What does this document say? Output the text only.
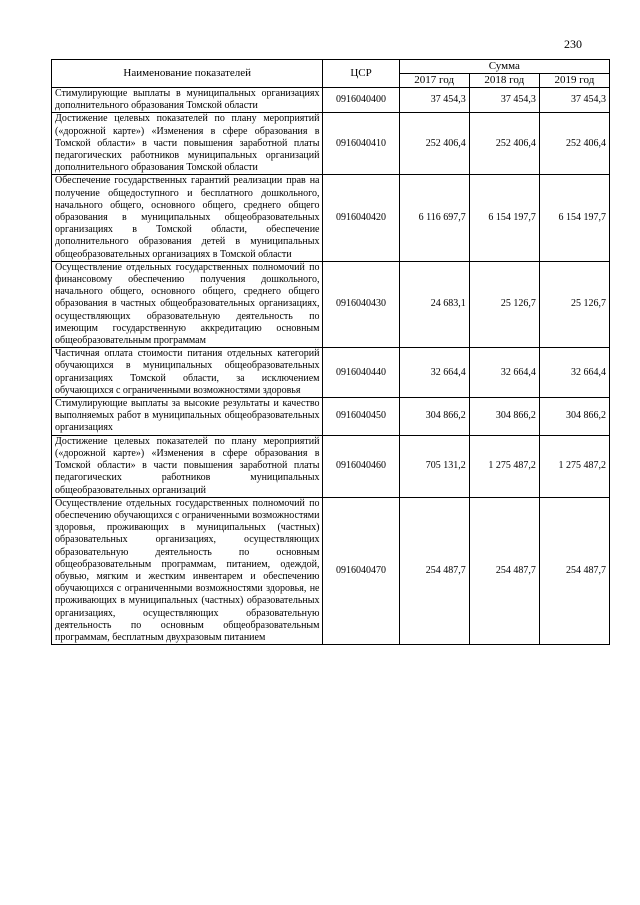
230
Наименование показателей	ЦСР	Сумма		
		2017 год	2018 год	2019 год
Стимулирующие выплаты в муниципальных организациях дополнительного образования Томской области	0916040400	37 454,3	37 454,3	37 454,3
Достижение целевых показателей по плану мероприятий («дорожной карте») «Изменения в сфере образования в Томской области» в части повышения заработной платы педагогических работников муниципальных организаций дополнительного образования Томской области	0916040410	252 406,4	252 406,4	252 406,4
Обеспечение государственных гарантий реализации прав на получение общедоступного и бесплатного дошкольного, начального общего, основного общего, среднего общего образования в муниципальных общеобразовательных организациях в Томской области, обеспечение дополнительного образования детей в муниципальных общеобразовательных организациях в Томской области	0916040420	6 116 697,7	6 154 197,7	6 154 197,7
Осуществление отдельных государственных полномочий по финансовому обеспечению получения дошкольного, начального общего, основного общего, среднего общего образования в частных общеобразовательных организациях, осуществляющих образовательную деятельность по имеющим государственную аккредитацию основным общеобразовательным программам	0916040430	24 683,1	25 126,7	25 126,7
Частичная оплата стоимости питания отдельных категорий обучающихся в муниципальных общеобразовательных организациях Томской области, за исключением обучающихся с ограниченными возможностями здоровья	0916040440	32 664,4	32 664,4	32 664,4
Стимулирующие выплаты за высокие результаты и качество выполняемых работ в муниципальных общеобразовательных организациях	0916040450	304 866,2	304 866,2	304 866,2
Достижение целевых показателей по плану мероприятий («дорожной карте») «Изменения в сфере образования в Томской области» в части повышения заработной платы педагогических работников муниципальных общеобразовательных организаций	0916040460	705 131,2	1 275 487,2	1 275 487,2
Осуществление отдельных государственных полномочий по обеспечению обучающихся с ограниченными возможностями здоровья, проживающих в муниципальных (частных) образовательных организациях, осуществляющих образовательную деятельность по основным общеобразовательным программам, питанием, одеждой, обувью, мягким и жестким инвентарем и обеспечению обучающихся с ограниченными возможностями здоровья, не проживающих в муниципальных (частных) образовательных организациях, осуществляющих образовательную деятельность по основным общеобразовательным программам, бесплатным двухразовым питанием	0916040470	254 487,7	254 487,7	254 487,7
